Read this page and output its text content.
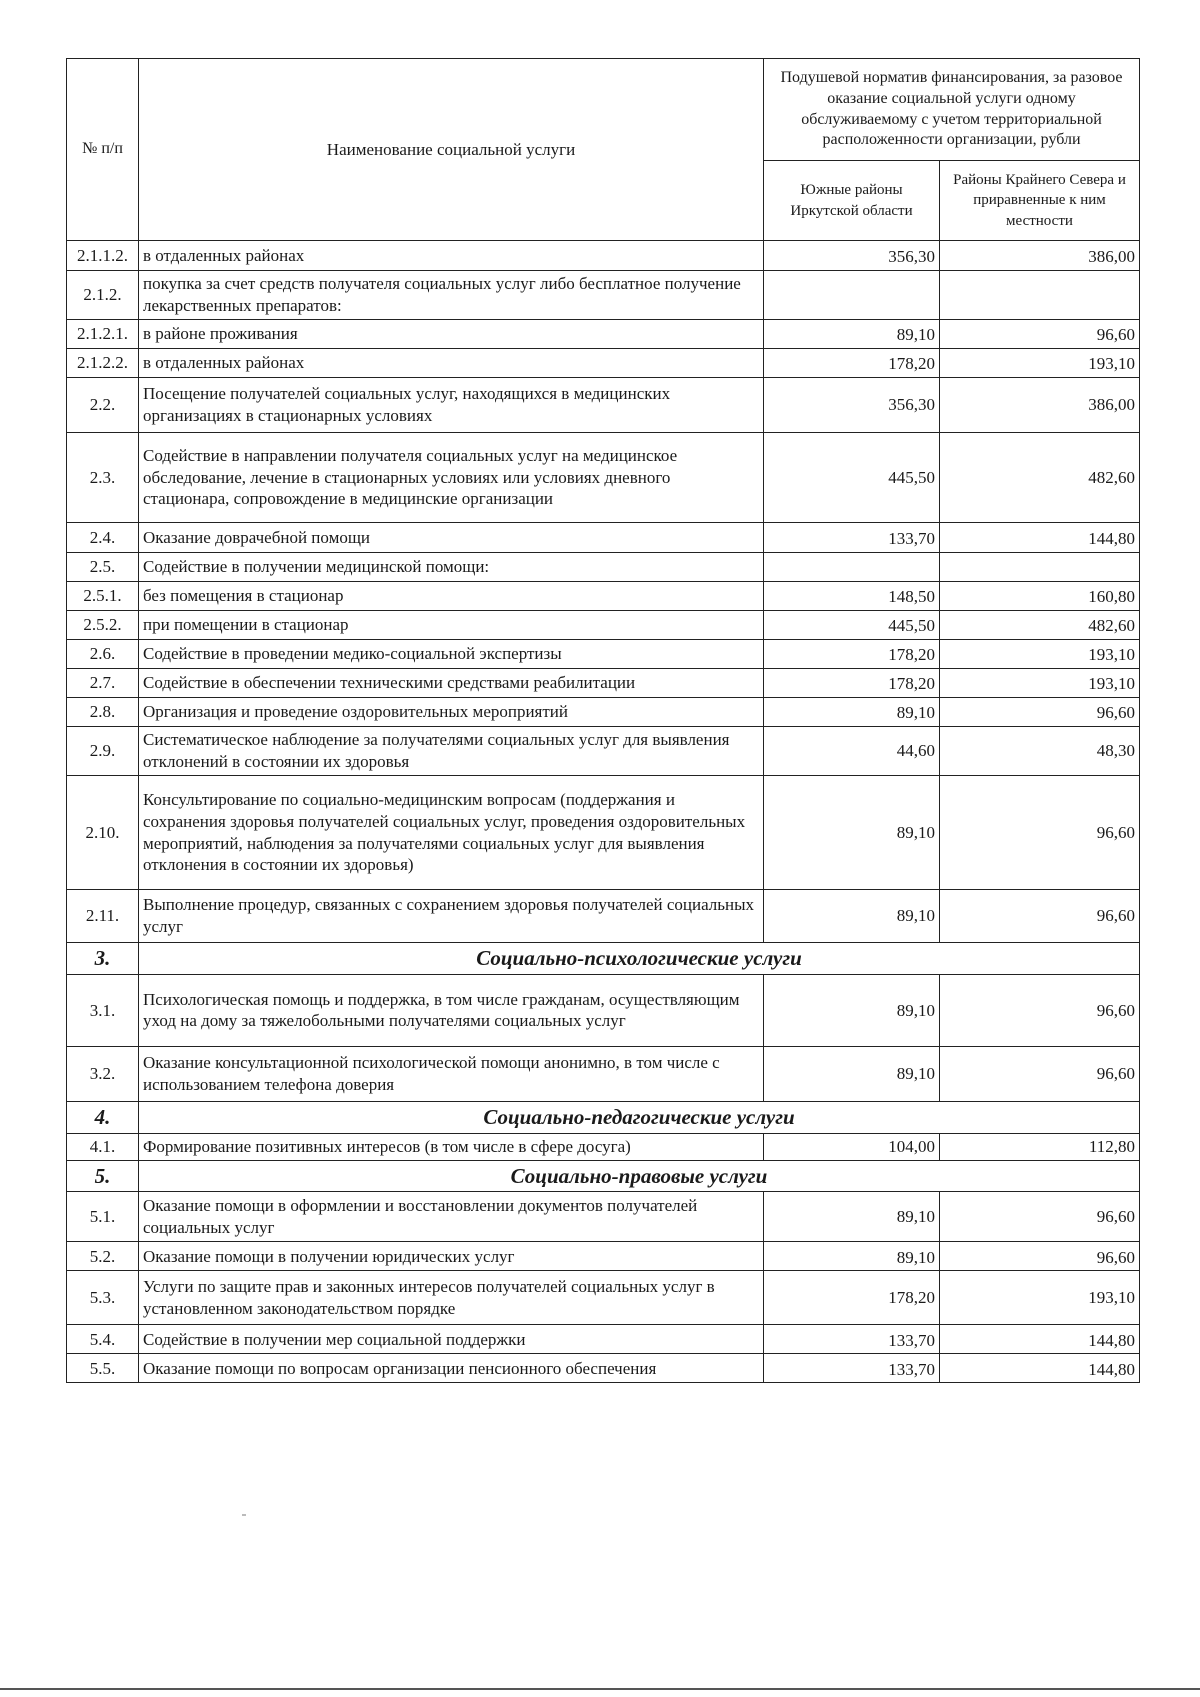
№ п/п	Наименование социальной услуги	Подушевой норматив финансирования, за разовое оказание социальной услуги одному обслуживаемому с учетом территориальной расположенности организации, рубли	
		Южные районы Иркутской области	Районы Крайнего Севера и приравненные к ним местности
2.1.1.2.	в отдаленных районах	356,30	386,00
2.1.2.	покупка за счет средств получателя социальных услуг либо бесплатное получение лекарственных препаратов:		
2.1.2.1.	в районе проживания	89,10	96,60
2.1.2.2.	в отдаленных районах	178,20	193,10
2.2.	Посещение получателей социальных услуг, находящихся в медицинских организациях в стационарных условиях	356,30	386,00
2.3.	Содействие в направлении получателя социальных услуг на медицинское обследование, лечение в стационарных условиях или условиях дневного стационара, сопровождение в медицинские организации	445,50	482,60
2.4.	Оказание доврачебной помощи	133,70	144,80
2.5.	Содействие в получении медицинской помощи:		
2.5.1.	без помещения в стационар	148,50	160,80
2.5.2.	при помещении в стационар	445,50	482,60
2.6.	Содействие в проведении медико-социальной экспертизы	178,20	193,10
2.7.	Содействие в обеспечении техническими средствами реабилитации	178,20	193,10
2.8.	Организация и проведение оздоровительных мероприятий	89,10	96,60
2.9.	Систематическое наблюдение за получателями социальных услуг для выявления отклонений в состоянии их здоровья	44,60	48,30
2.10.	Консультирование по социально-медицинским вопросам (поддержания и сохранения здоровья получателей социальных услуг, проведения оздоровительных мероприятий, наблюдения за получателями социальных услуг для выявления отклонения в состоянии их здоровья)	89,10	96,60
2.11.	Выполнение процедур, связанных с сохранением здоровья получателей социальных услуг	89,10	96,60
3.	Социально-психологические услуги		
3.1.	Психологическая помощь и поддержка, в том числе гражданам, осуществляющим уход на дому за тяжелобольными получателями социальных услуг	89,10	96,60
3.2.	Оказание консультационной психологической помощи анонимно, в том числе с использованием телефона доверия	89,10	96,60
4.	Социально-педагогические услуги		
4.1.	Формирование позитивных интересов (в том числе в сфере досуга)	104,00	112,80
5.	Социально-правовые услуги		
5.1.	Оказание помощи в оформлении и восстановлении документов получателей социальных услуг	89,10	96,60
5.2.	Оказание помощи в получении юридических услуг	89,10	96,60
5.3.	Услуги по защите прав и законных интересов получателей социальных услуг в установленном законодательством порядке	178,20	193,10
5.4.	Содействие в получении мер социальной поддержки	133,70	144,80
5.5.	Оказание помощи по вопросам организации пенсионного обеспечения	133,70	144,80
